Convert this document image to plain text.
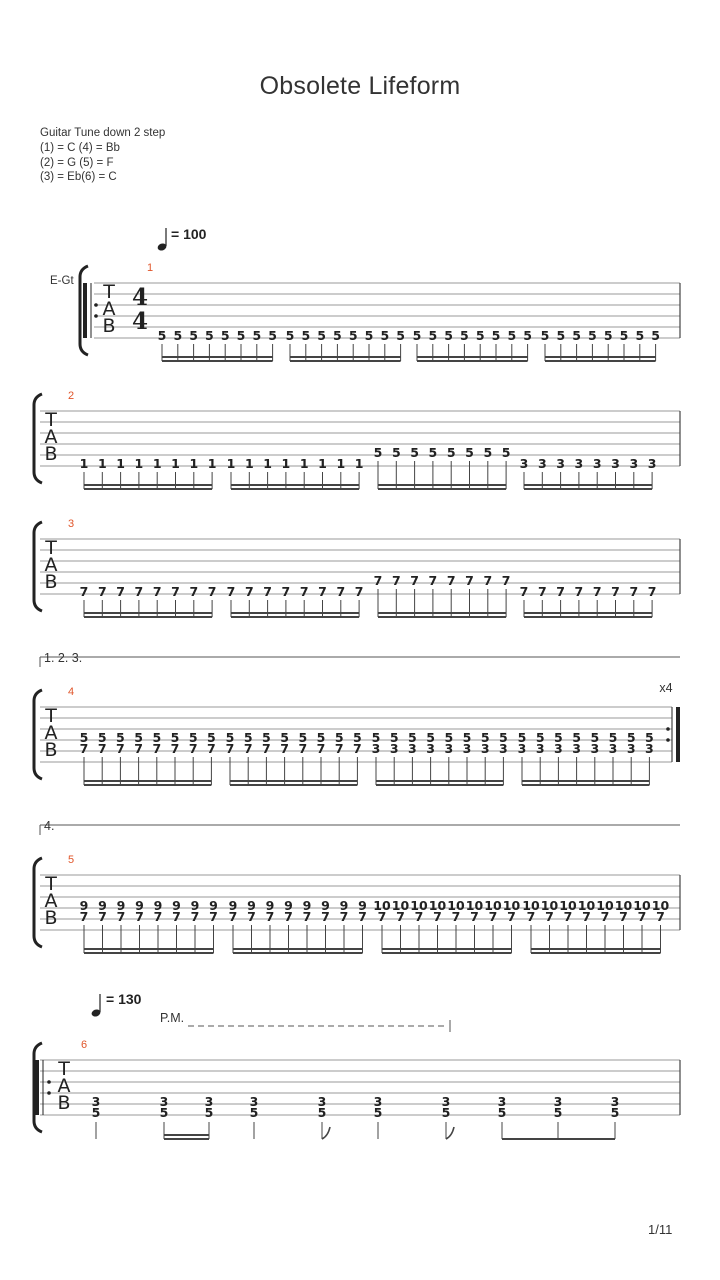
Obsolete Lifeform
Guitar Tune down 2 step
(1) = C (4) = Bb
(2) = G (5) = F
(3) = Eb(6) = C
E-Gt
= 100
= 130
1/11
T
A
B
4
4
1
5 5 5 5 5 5 5 5 5 5 5 5 5 5 5 5 5 5 5 5 5 5 5 5 5 5 5 5 5 5 5 5
T
A
B
2
1 1 1 1 1 1 1 1 1 1 1 1 1 1 1 1
5 5 5 5 5 5 5 5
3 3 3 3 3 3 3 3
T
A
B
3
7 7 7 7 7 7 7 7 7 7 7 7 7 7 7 7
7 7 7 7 7 7 7 7
7 7 7 7 7 7 7 7
1. 2. 3.
4.
T
A
B
4
5 5 5 5 5 5 5 5
7 7 7 7 7 7 7 7
5 5 5 5 5 5 5 5
7 7 7 7 7 7 7 7
5 5 5 5 5 5 5 5
3 3 3 3 3 3 3 3
5 5 5 5 5 5 5 5
3 3 3 3 3 3 3 3
x4
T
A
B
5
9 9 9 9 9 9 9 9
7 7 7 7 7 7 7 7
9 9 9 9 9 9 9 9
7 7 7 7 7 7 7 7
10 10 10 10 10 10 10 10
7 7 7 7 7 7 7 7
10 10 10 10 10 10 10 10
7 7 7 7 7 7 7 7
T
A
B
6
P.M.
3
5
3
5
3
5
3
5
3
5
3
5
3
5
3
5
3
5
3
5
